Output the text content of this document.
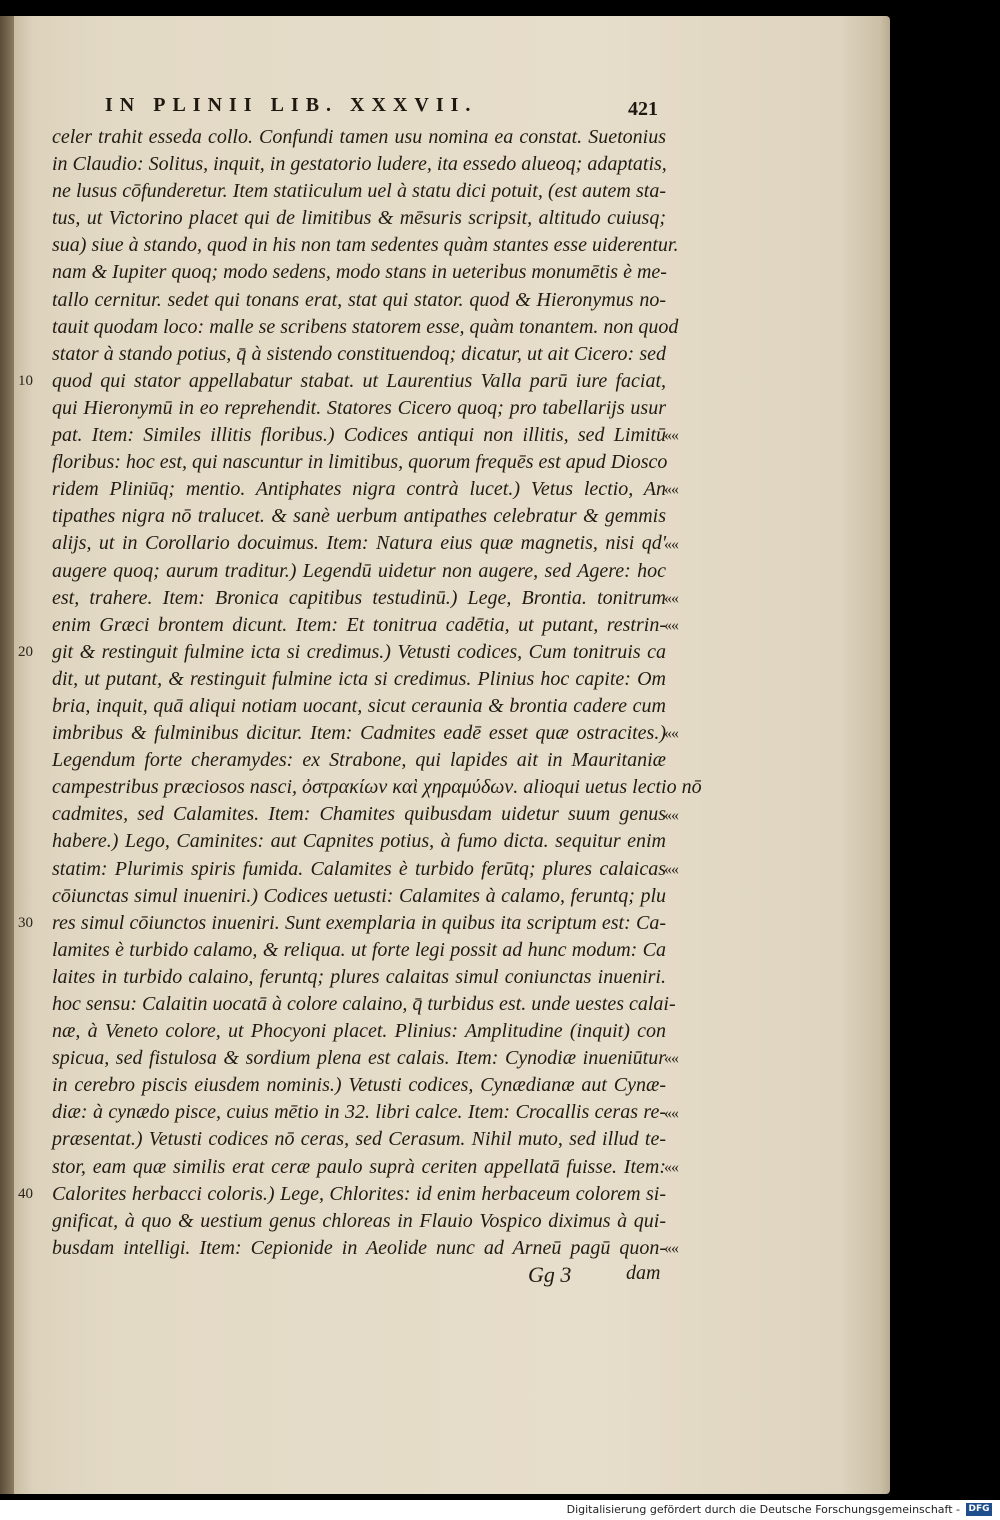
IN PLINII LIB. XXXVII.	421
celer trahit esseda collo. Confundi tamen usu nomina ea constat. Suetonius
in Claudio: Solitus, inquit, in gestatorio ludere, ita essedo alueoq; adaptatis,
ne lusus cōfunderetur. Item statiiculum uel à statu dici potuit, (est autem sta-
tus, ut Victorino placet qui de limitibus & mēsuris scripsit, altitudo cuiusq;
sua) siue à stando, quod in his non tam sedentes quàm stantes esse uiderentur.
nam & Iupiter quoq; modo sedens, modo stans in ueteribus monumētis è me-
tallo cernitur. sedet qui tonans erat, stat qui stator. quod & Hieronymus no-
tauit quodam loco: malle se scribens statorem esse, quàm tonantem. non quod
stator à stando potius, q̄ à sistendo constituendoq; dicatur, ut ait Cicero: sed
quod qui stator appellabatur stabat. ut Laurentius Valla parū iure faciat,
qui Hieronymū in eo reprehendit. Statores Cicero quoq; pro tabellarijs usur
pat. Item: Similes illitis floribus.) Codices antiqui non illitis, sed Limitū
floribus: hoc est, qui nascuntur in limitibus, quorum frequēs est apud Diosco
ridem Pliniūq; mentio. Antiphates nigra contrà lucet.) Vetus lectio, An
tipathes nigra nō tralucet. & sanè uerbum antipathes celebratur & gemmis
alijs, ut in Corollario docuimus. Item: Natura eius quæ magnetis, nisi qd'
augere quoq; aurum traditur.) Legendū uidetur non augere, sed Agere: hoc
est, trahere. Item: Bronica capitibus testudinū.) Lege, Brontia. tonitrum
enim Græci brontem dicunt. Item: Et tonitrua cadētia, ut putant, restrin-
git & restinguit fulmine icta si credimus.) Vetusti codices, Cum tonitruis ca
dit, ut putant, & restinguit fulmine icta si credimus. Plinius hoc capite: Om
bria, inquit, quā aliqui notiam uocant, sicut ceraunia & brontia cadere cum
imbribus & fulminibus dicitur. Item: Cadmites eadē esset quæ ostracites.)
Legendum forte cheramydes: ex Strabone, qui lapides ait in Mauritaniæ
campestribus præciosos nasci, ὀστρακίων καὶ χηραμύδων. alioqui uetus lectio nō
cadmites, sed Calamites. Item: Chamites quibusdam uidetur suum genus
habere.) Lego, Caminites: aut Capnites potius, à fumo dicta. sequitur enim
statim: Plurimis spiris fumida. Calamites è turbido ferūtq; plures calaicas
cōiunctas simul inueniri.) Codices uetusti: Calamites à calamo, feruntq; plu
res simul cōiunctos inueniri. Sunt exemplaria in quibus ita scriptum est: Ca-
lamites è turbido calamo, & reliqua. ut forte legi possit ad hunc modum: Ca
laites in turbido calaino, feruntq; plures calaitas simul coniunctas inueniri.
hoc sensu: Calaitin uocatā à colore calaino, q̄ turbidus est. unde uestes calai-
næ, à Veneto colore, ut Phocyoni placet. Plinius: Amplitudine (inquit) con
spicua, sed fistulosa & sordium plena est calais. Item: Cynodiæ inueniūtur
in cerebro piscis eiusdem nominis.) Vetusti codices, Cynædianæ aut Cynæ-
diæ: à cynædo pisce, cuius mētio in 32. libri calce. Item: Crocallis ceras re-
præsentat.) Vetusti codices nō ceras, sed Cerasum. Nihil muto, sed illud te-
stor, eam quæ similis erat ceræ paulo suprà ceriten appellatā fuisse. Item:
Calorites herbacci coloris.) Lege, Chlorites: id enim herbaceum colorem si-
gnificat, à quo & uestium genus chloreas in Flauio Vospico diximus à qui-
busdam intelligi. Item: Cepionide in Aeolide nunc ad Arneū pagū quon-
10
20
30
40
««
««
««
««
««
««
««
««
««
««
««
««
Gg 3	dam
Digitalisierung gefördert durch die Deutsche Forschungsgemeinschaft - DFG
